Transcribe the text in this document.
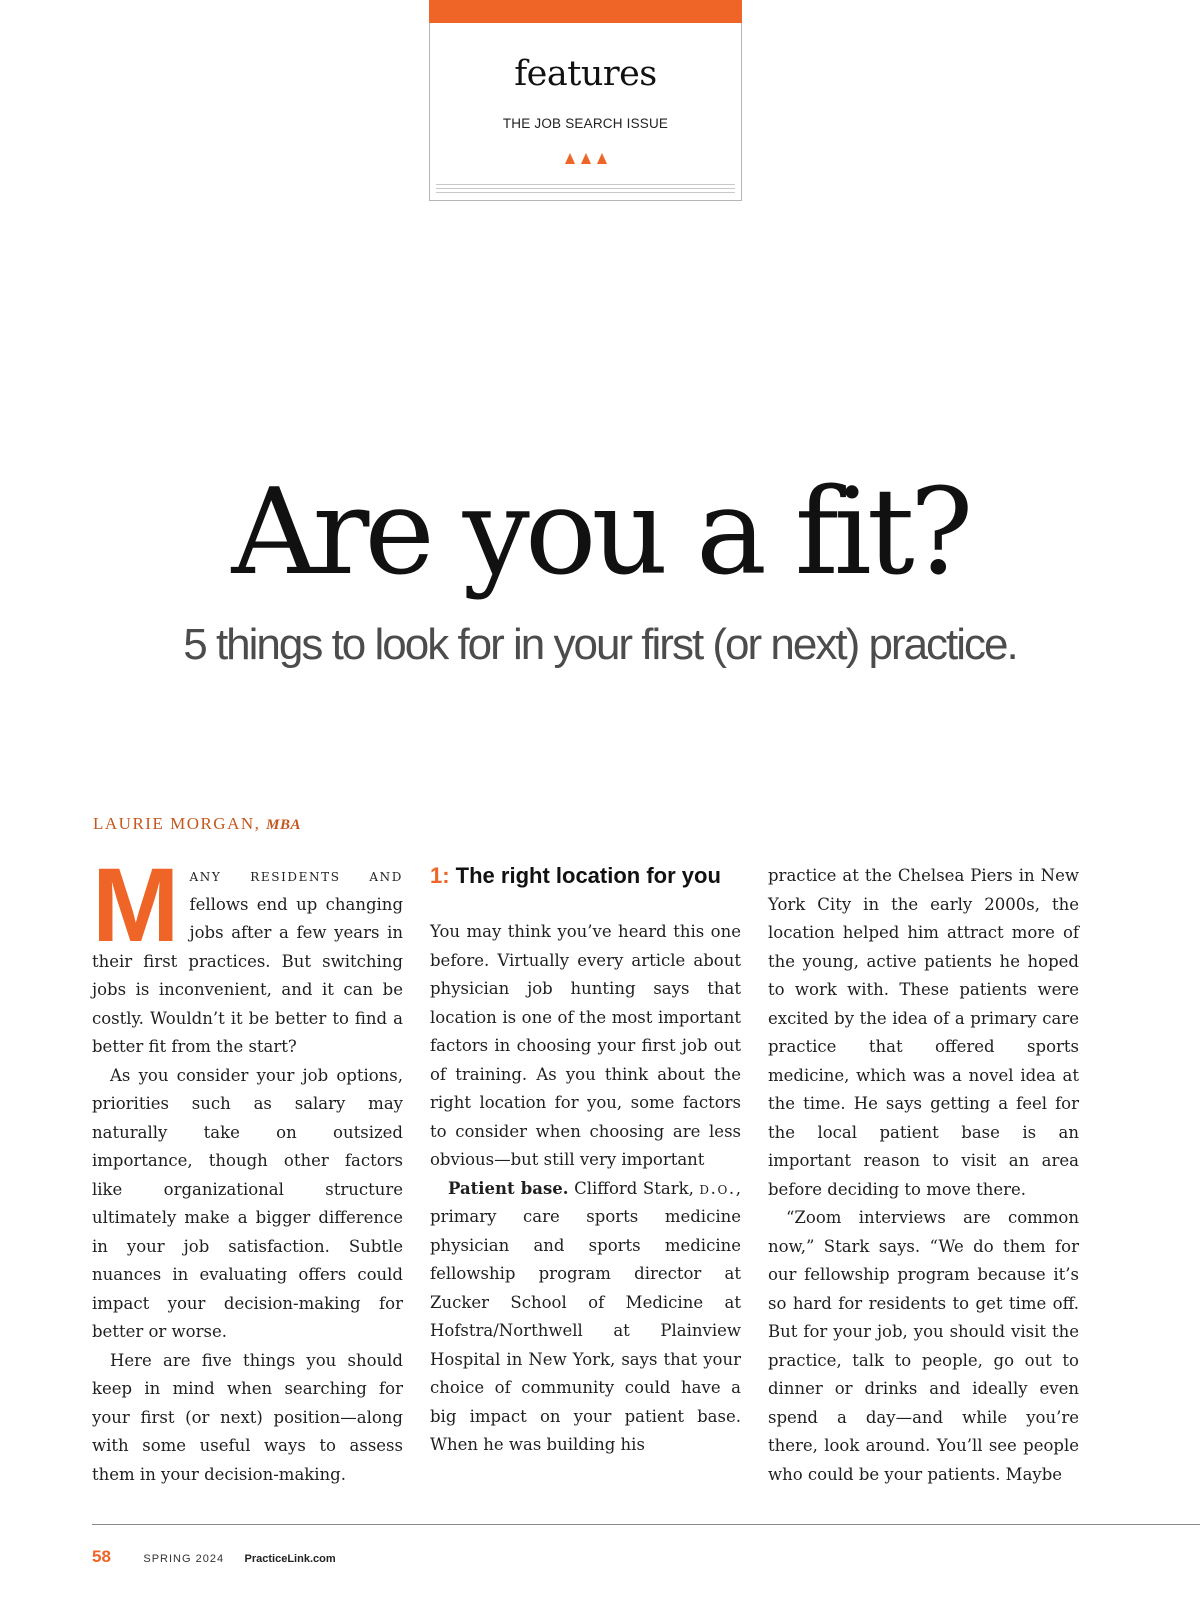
features
THE JOB SEARCH ISSUE
Are you a fit?
5 things to look for in your first (or next) practice.
LAURIE MORGAN, MBA

Many residents and fellows end up changing jobs after a few years in their first practices. But switching jobs is inconvenient, and it can be costly. Wouldn’t it be better to find a better fit from the start?

As you consider your job options, priorities such as salary may naturally take on outsized importance, though other factors like organizational structure ultimately make a bigger difference in your job satisfaction. Subtle nuances in evaluating offers could impact your decision-making for better or worse.

Here are five things you should keep in mind when searching for your first (or next) position—along with some useful ways to assess them in your decision-making.

1: The right location for you

You may think you’ve heard this one before. Virtually every article about physician job hunting says that location is one of the most important factors in choosing your first job out of training. As you think about the right location for you, some factors to consider when choosing are less obvious—but still very important

Patient base. Clifford Stark, d.o., primary care sports medicine physician and sports medicine fellowship program director at Zucker School of Medicine at Hofstra/Northwell at Plainview Hospital in New York, says that your choice of community could have a big impact on your patient base. When he was building his

practice at the Chelsea Piers in New York City in the early 2000s, the location helped him attract more of the young, active patients he hoped to work with. These patients were excited by the idea of a primary care practice that offered sports medicine, which was a novel idea at the time. He says getting a feel for the local patient base is an important reason to visit an area before deciding to move there.

“Zoom interviews are common now,” Stark says. “We do them for our fellowship program because it’s so hard for residents to get time off. But for your job, you should visit the practice, talk to people, go out to dinner or drinks and ideally even spend a day—and while you’re there, look around. You’ll see people who could be your patients. Maybe

58	SPRING 2024 PracticeLink.com
